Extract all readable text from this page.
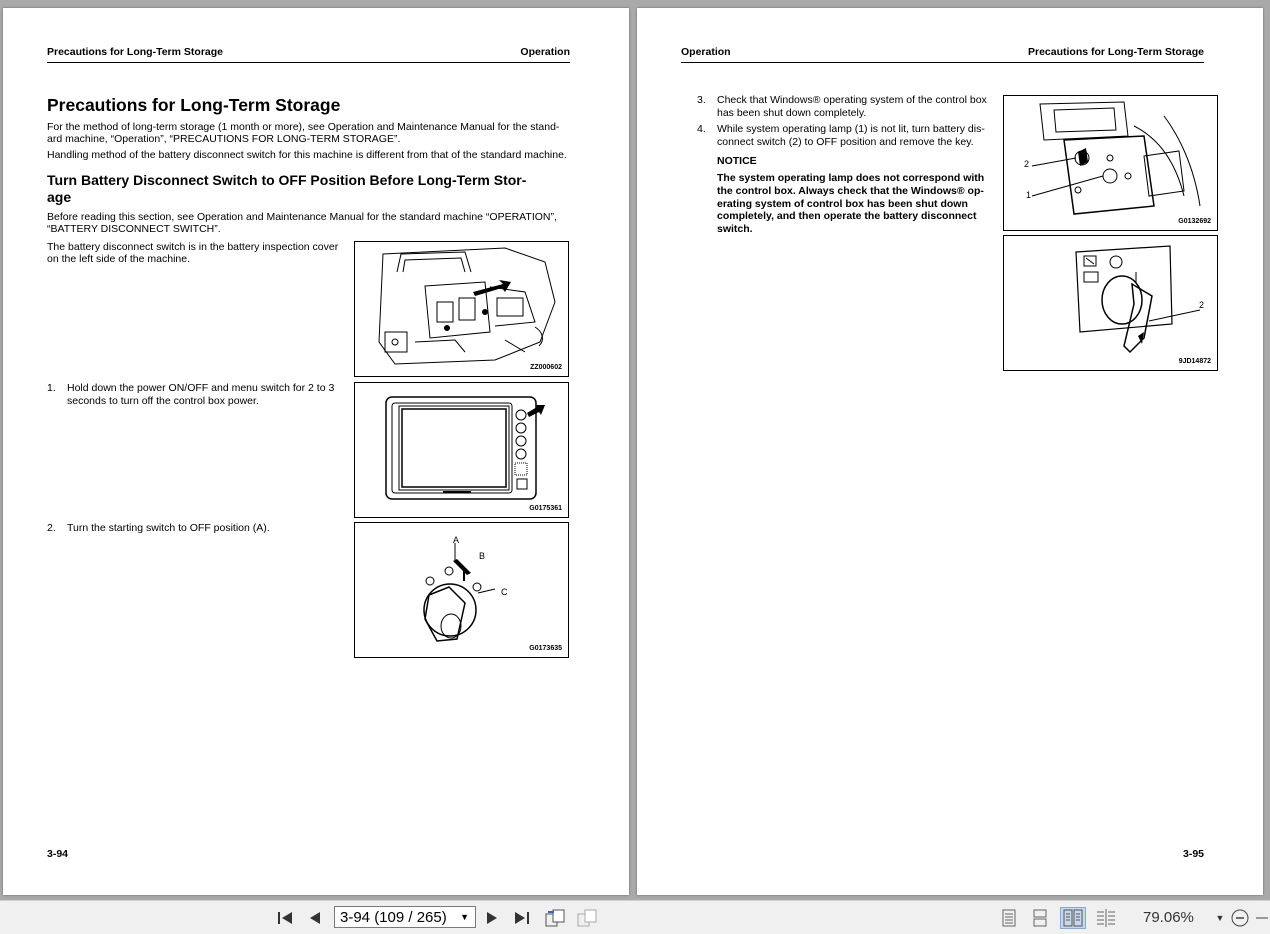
Precautions for Long-Term Storage	Operation
Precautions for Long-Term Storage
For the method of long-term storage (1 month or more), see Operation and Maintenance Manual for the stand-
ard machine, “Operation”, “PRECAUTIONS FOR LONG-TERM STORAGE”.
Handling method of the battery disconnect switch for this machine is different from that of the standard machine.
Turn Battery Disconnect Switch to OFF Position Before Long-Term Stor-
age
Before reading this section, see Operation and Maintenance Manual for the standard machine “OPERATION”,
“BATTERY DISCONNECT SWITCH”.
The battery disconnect switch is in the battery inspection cover
on the left side of the machine.
ZZ000602
1. Hold down the power ON/OFF and menu switch for 2 to 3
seconds to turn off the control box power.
G0175361
2. Turn the starting switch to OFF position (A).
A
B
C
G0173635
3-94
Operation	Precautions for Long-Term Storage
3. Check that Windows® operating system of the control box
has been shut down completely.
4. While system operating lamp (1) is not lit, turn battery dis-
connect switch (2) to OFF position and remove the key.
NOTICE
The system operating lamp does not correspond with
the control box. Always check that the Windows® op-
erating system of control box has been shut down
completely, and then operate the battery disconnect
switch.
2
1
G0132692
2
9JD14872
3-95
3-94 (109 / 265) ▼	79.06% ▼
